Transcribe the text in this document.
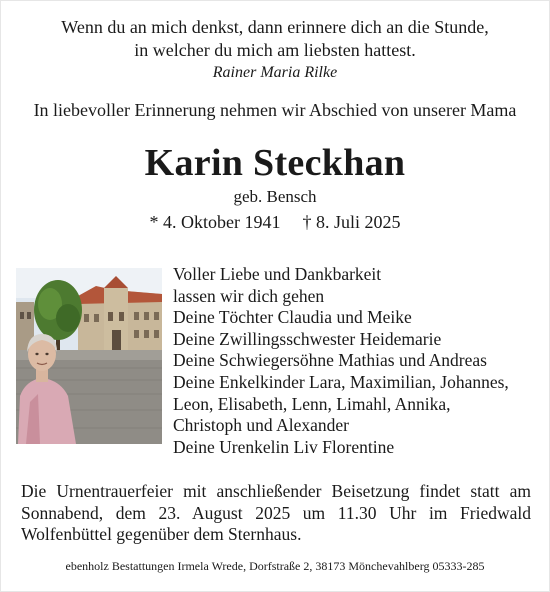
Wenn du an mich denkst, dann erinnere dich an die Stunde,
in welcher du mich am liebsten hattest.
Rainer Maria Rilke
In liebevoller Erinnerung nehmen wir Abschied von unserer Mama
Karin Steckhan
geb. Bensch
* 4. Oktober 1941 † 8. Juli 2025
Voller Liebe und Dankbarkeit
lassen wir dich gehen
Deine Töchter Claudia und Meike
Deine Zwillingsschwester Heidemarie
Deine Schwiegersöhne Mathias und Andreas
Deine Enkelkinder Lara, Maximilian, Johannes,
Leon, Elisabeth, Lenn, Limahl, Annika,
Christoph und Alexander
Deine Urenkelin Liv Florentine
Die Urnentrauerfeier mit anschließender Beisetzung findet statt am Sonnabend, dem 23. August 2025 um 11.30 Uhr im Friedwald Wolfenbüttel gegenüber dem Sternhaus.
ebenholz Bestattungen Irmela Wrede, Dorfstraße 2, 38173 Mönchevahlberg 05333-285
